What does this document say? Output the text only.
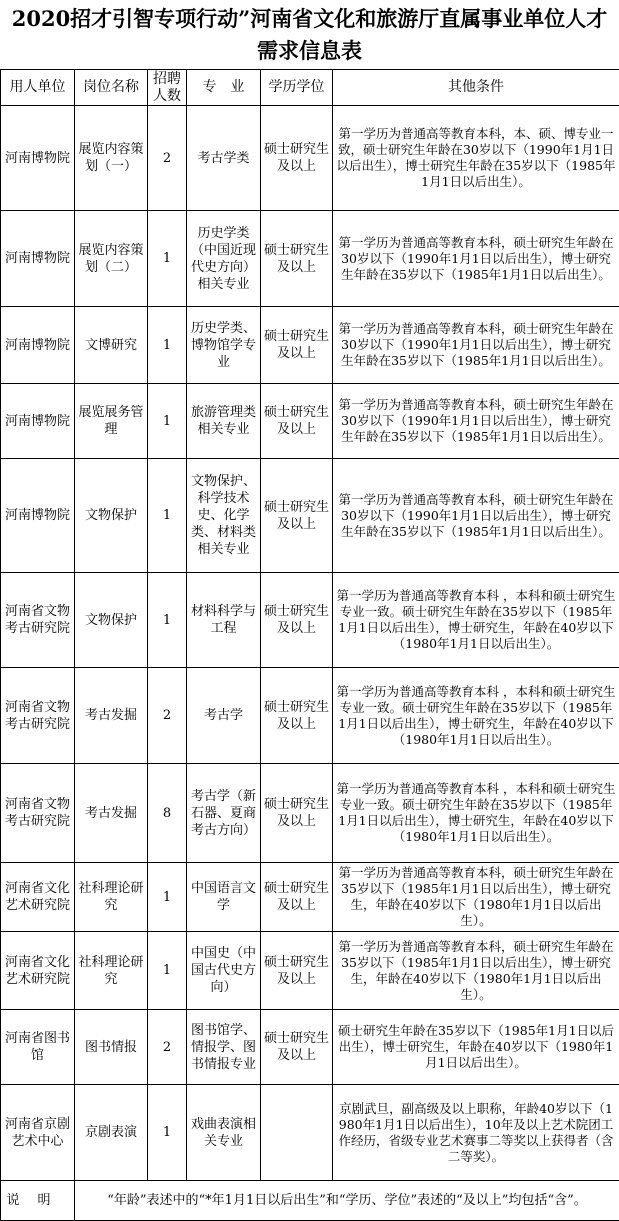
2020招才引智专项行动”河南省文化和旅游厅直属事业单位人才需求信息表
用人单位	岗位名称	招聘人数	专　业	学历学位	其他条件
河南博物院	展览内容策划（一）	2	考古学类	硕士研究生及以上	第一学历为普通高等教育本科，本、硕、博专业一致，硕士研究生年龄在30岁以下（1990年1月1日以后出生），博士研究生年龄在35岁以下（1985年1月1日以后出生）。
河南博物院	展览内容策划（二）	1	历史学类（中国近现代史方向）相关专业	硕士研究生及以上	第一学历为普通高等教育本科，硕士研究生年龄在30岁以下（1990年1月1日以后出生），博士研究生年龄在35岁以下（1985年1月1日以后出生）。
河南博物院	文博研究	1	历史学类、博物馆学专业	硕士研究生及以上	第一学历为普通高等教育本科，硕士研究生年龄在30岁以下（1990年1月1日以后出生），博士研究生年龄在35岁以下（1985年1月1日以后出生）。
河南博物院	展览展务管理	1	旅游管理类相关专业	硕士研究生及以上	第一学历为普通高等教育本科，硕士研究生年龄在30岁以下（1990年1月1日以后出生），博士研究生年龄在35岁以下（1985年1月1日以后出生）。
河南博物院	文物保护	1	文物保护、科学技术史、化学类、材料类相关专业	硕士研究生及以上	第一学历为普通高等教育本科，硕士研究生年龄在30岁以下（1990年1月1日以后出生），博士研究生年龄在35岁以下（1985年1月1日以后出生）。
河南省文物考古研究院	文物保护	1	材料科学与工程	硕士研究生及以上	第一学历为普通高等教育本科 ，本科和硕士研究生专业一致。硕士研究生年龄在35岁以下（1985年1月1日以后出生），博士研究生，年龄在40岁以下（1980年1月1日以后出生）。
河南省文物考古研究院	考古发掘	2	考古学	硕士研究生及以上	第一学历为普通高等教育本科 ，本科和硕士研究生专业一致。硕士研究生年龄在35岁以下（1985年1月1日以后出生），博士研究生，年龄在40岁以下（1980年1月1日以后出生）。
河南省文物考古研究院	考古发掘	8	考古学（新石器、夏商考古方向）	硕士研究生及以上	第一学历为普通高等教育本科 ，本科和硕士研究生专业一致。硕士研究生年龄在35岁以下（1985年1月1日以后出生），博士研究生，年龄在40岁以下（1980年1月1日以后出生）。
河南省文化艺术研究院	社科理论研究	1	中国语言文学	硕士研究生及以上	第一学历为普通高等教育本科，硕士研究生年龄在35岁以下（1985年1月1日以后出生），博士研究生，年龄在40岁以下（1980年1月1日以后出生）。
河南省文化艺术研究院	社科理论研究	1	中国史（中国古代史方向）	硕士研究生及以上	第一学历为普通高等教育本科，硕士研究生年龄在35岁以下（1985年1月1日以后出生），博士研究生，年龄在40岁以下（1980年1月1日以后出生）。
河南省图书馆	图书情报	2	图书馆学、情报学、图书情报专业	硕士研究生及以上	硕士研究生年龄在35岁以下（1985年1月1日以后出生），博士研究生，年龄在40岁以下（1980年1月1日以后出生）。
河南省京剧艺术中心	京剧表演	1	戏曲表演相关专业		京剧武旦，副高级及以上职称，年龄40岁以下（1980年1月1日以后出生），10年及以上艺术院团工作经历，省级专业艺术赛事二等奖以上获得者（含二等奖）。
说明	“年龄”表述中的“*年1月1日以后出生”和“学历、学位”表述的“及以上”均包括“含”。				
